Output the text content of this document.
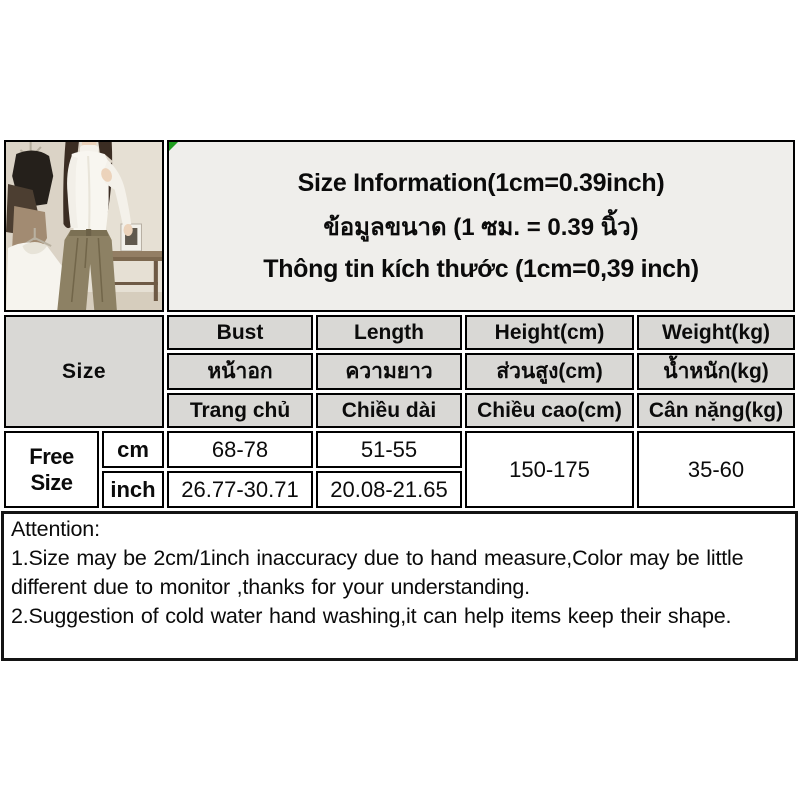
Size Information(1cm=0.39inch)
ข้อมูลขนาด (1 ซม. = 0.39 นิ้ว)
Thông tin kích thước (1cm=0,39 inch)			

Size		Bust	Length	Height(cm)	Weight(kg)
		หน้าอก	ความยาว	ส่วนสูง(cm)	น้ำหนัก(kg)
		Trang chủ	Chiều dài	Chiều cao(cm)	Cân nặng(kg)
Free Size	cm	68-78	51-55	150-175	35-60
	inch	26.77-30.71	20.08-21.65		
Attention:
1.Size may be 2cm/1inch inaccuracy due to hand measure,Color may be little different due to monitor ,thanks for your understanding.
2.Suggestion of cold water hand washing,it can help items keep their shape.
